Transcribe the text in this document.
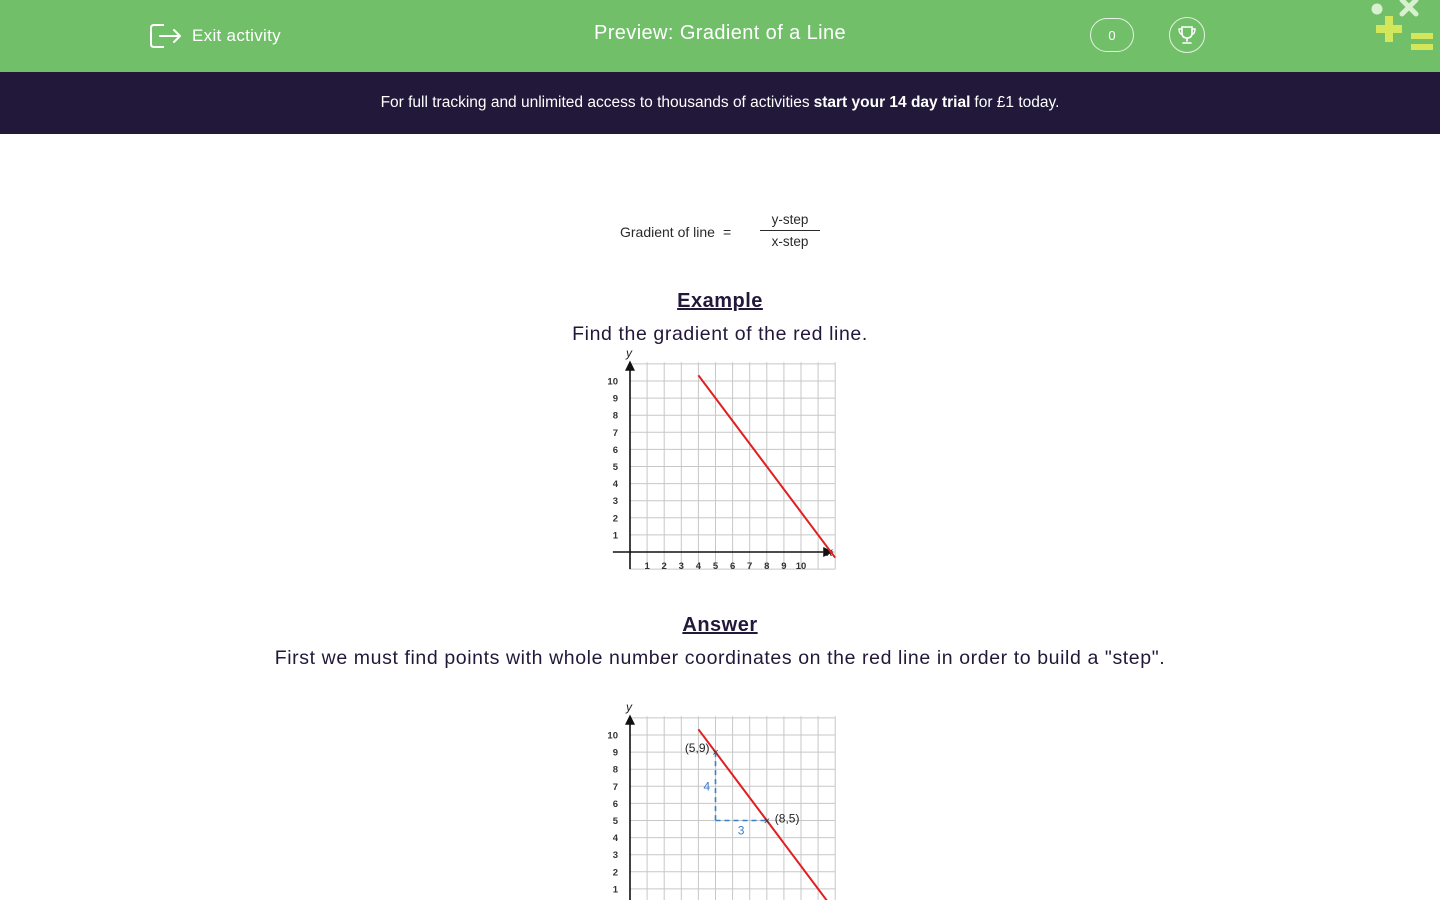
Exit activity	Preview: Gradient of a Line	0
For full tracking and unlimited access to thousands of activities start your 14 day trial for £1 today.
Gradient of line =
y-step
x-step
Example
Find the gradient of the red line.
y
x
1
2
3
4
5
6
7
8
9
10
1 2 3 4 5 6 7 8 9 10
Answer
First we must find points with whole number coordinates on the red line in order to build a "step".
y
1
2
3
4
5
6
7
8
9
10
4
3
×
(5,9)
× (8,5)
